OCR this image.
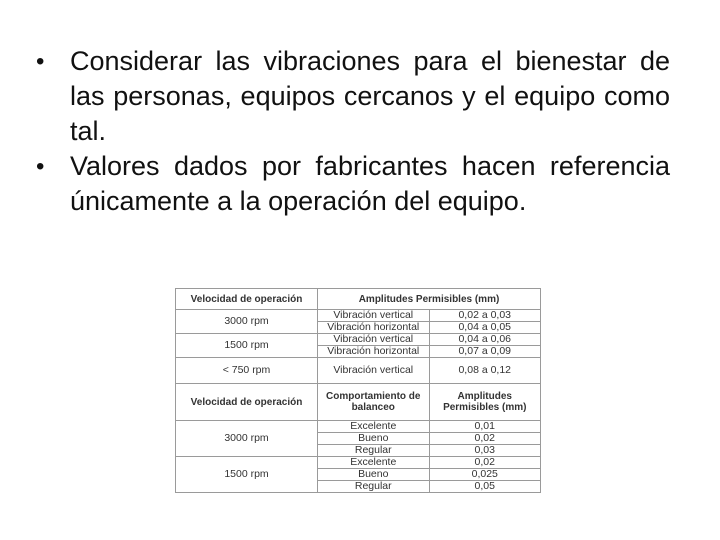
• Considerar las vibraciones para el bienestar de las personas, equipos cercanos y el equipo como tal.
• Valores dados por fabricantes hacen referencia únicamente a la operación del equipo.
Velocidad de operación	Amplitudes Permisibles (mm)	
3000 rpm	Vibración vertical	0,02 a 0,03
	Vibración horizontal	0,04 a 0,05
1500 rpm	Vibración vertical	0,04 a 0,06
	Vibración horizontal	0,07 a 0,09
< 750 rpm	Vibración vertical	0,08 a 0,12
Velocidad de operación	Comportamiento de balanceo	Amplitudes Permisibles (mm)
3000 rpm	Excelente	0,01
	Bueno	0,02
	Regular	0,03
1500 rpm	Excelente	0,02
	Bueno	0,025
	Regular	0,05
